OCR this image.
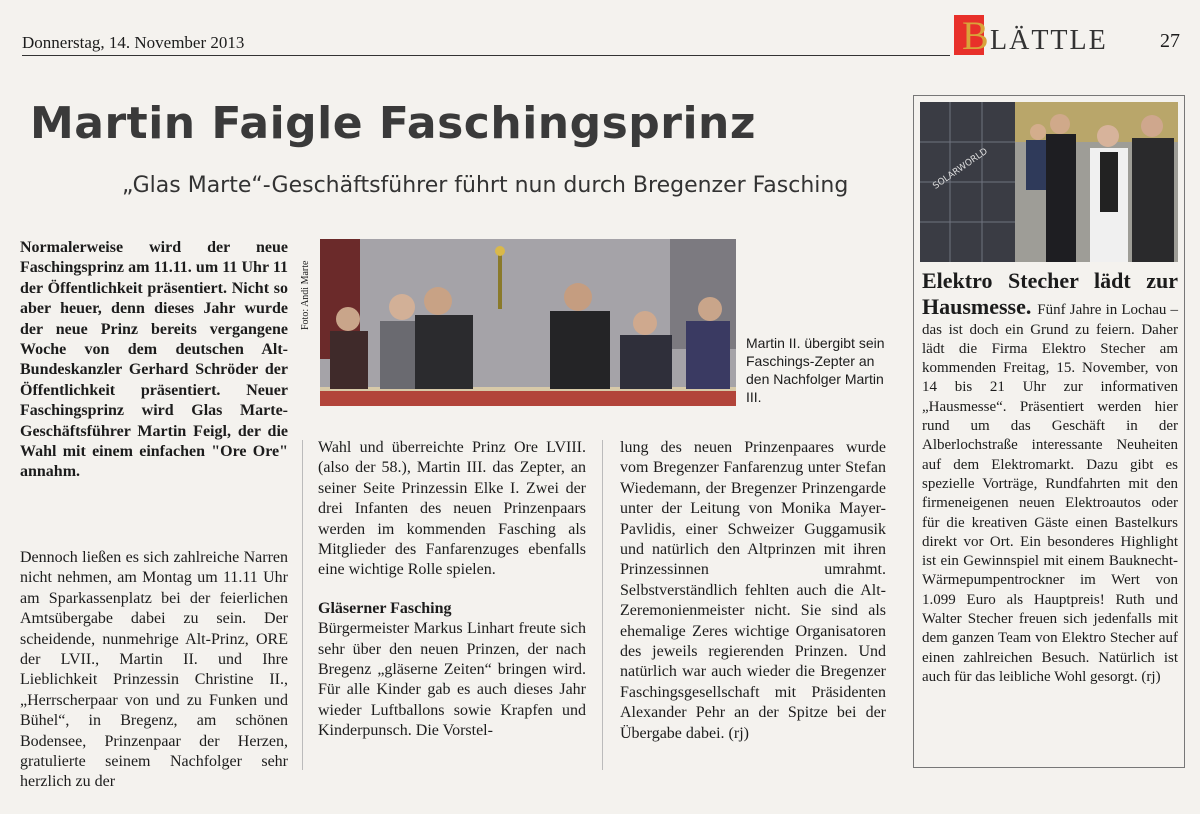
Donnerstag, 14. November 2013	B LÄTTLE	27
Martin Faigle Faschingsprinz
„Glas Marte“-Geschäftsführer führt nun durch Bregenzer Fasching
Normalerweise wird der neue Faschingsprinz am 11.11. um 11 Uhr 11 der Öffentlichkeit präsentiert. Nicht so aber heuer, denn dieses Jahr wurde der neue Prinz bereits vergangene Woche von dem deutschen Alt-Bundeskanzler Gerhard Schröder der Öffentlichkeit präsentiert. Neuer Faschingsprinz wird Glas Marte-Geschäftsführer Martin Feigl, der die Wahl mit einem einfachen "Ore Ore" annahm.
Dennoch ließen es sich zahlreiche Narren nicht nehmen, am Montag um 11.11 Uhr am Sparkassenplatz bei der feierlichen Amtsübergabe dabei zu sein. Der scheidende, nunmehrige Alt-Prinz, ORE der LVII., Martin II. und Ihre Lieblichkeit Prinzessin Christine II., „Herrscherpaar von und zu Funken und Bühel“, in Bregenz, am schönen Bodensee, Prinzenpaar der Herzen, gratulierte seinem Nachfolger sehr herzlich zu der
Foto: Andi Marte
Martin II. übergibt sein Faschings-Zepter an den Nachfolger Martin III.
Wahl und überreichte Prinz Ore LVIII. (also der 58.), Martin III. das Zepter, an seiner Seite Prinzessin Elke I. Zwei der drei Infanten des neuen Prinzenpaars werden im kommenden Fasching als Mitglieder des Fanfarenzuges ebenfalls eine wichtige Rolle spielen.
Gläserner Fasching
Bürgermeister Markus Linhart freute sich sehr über den neuen Prinzen, der nach Bregenz „gläserne Zeiten“ bringen wird. Für alle Kinder gab es auch dieses Jahr wieder Luftballons sowie Krapfen und Kinderpunsch. Die Vorstel-
lung des neuen Prinzenpaares wurde vom Bregenzer Fanfarenzug unter Stefan Wiedemann, der Bregenzer Prinzengarde unter der Leitung von Monika Mayer-Pavlidis, einer Schweizer Guggamusik und natürlich den Altprinzen mit ihren Prinzessinnen umrahmt. Selbstverständlich fehlten auch die Alt-Zeremonienmeister nicht. Sie sind als ehemalige Zeres wichtige Organisatoren des jeweils regierenden Prinzen. Und natürlich war auch wieder die Bregenzer Faschingsgesellschaft mit Präsidenten Alexander Pehr an der Spitze bei der Übergabe dabei. (rj)
SOLARWORLD
Elektro Stecher lädt zur Hausmesse. Fünf Jahre in Lochau – das ist doch ein Grund zu feiern. Daher lädt die Firma Elektro Stecher am kommenden Freitag, 15. November, von 14 bis 21 Uhr zur informativen „Hausmesse“. Präsentiert werden hier rund um das Geschäft in der Alberlochstraße interessante Neuheiten auf dem Elektromarkt. Dazu gibt es spezielle Vorträge, Rundfahrten mit den firmeneigenen neuen Elektroautos oder für die kreativen Gäste einen Bastelkurs direkt vor Ort. Ein besonderes Highlight ist ein Gewinnspiel mit einem Bauknecht-Wärmepumpentrockner im Wert von 1.099 Euro als Hauptpreis! Ruth und Walter Stecher freuen sich jedenfalls mit dem ganzen Team von Elektro Stecher auf einen zahlreichen Besuch. Natürlich ist auch für das leibliche Wohl gesorgt. (rj)
